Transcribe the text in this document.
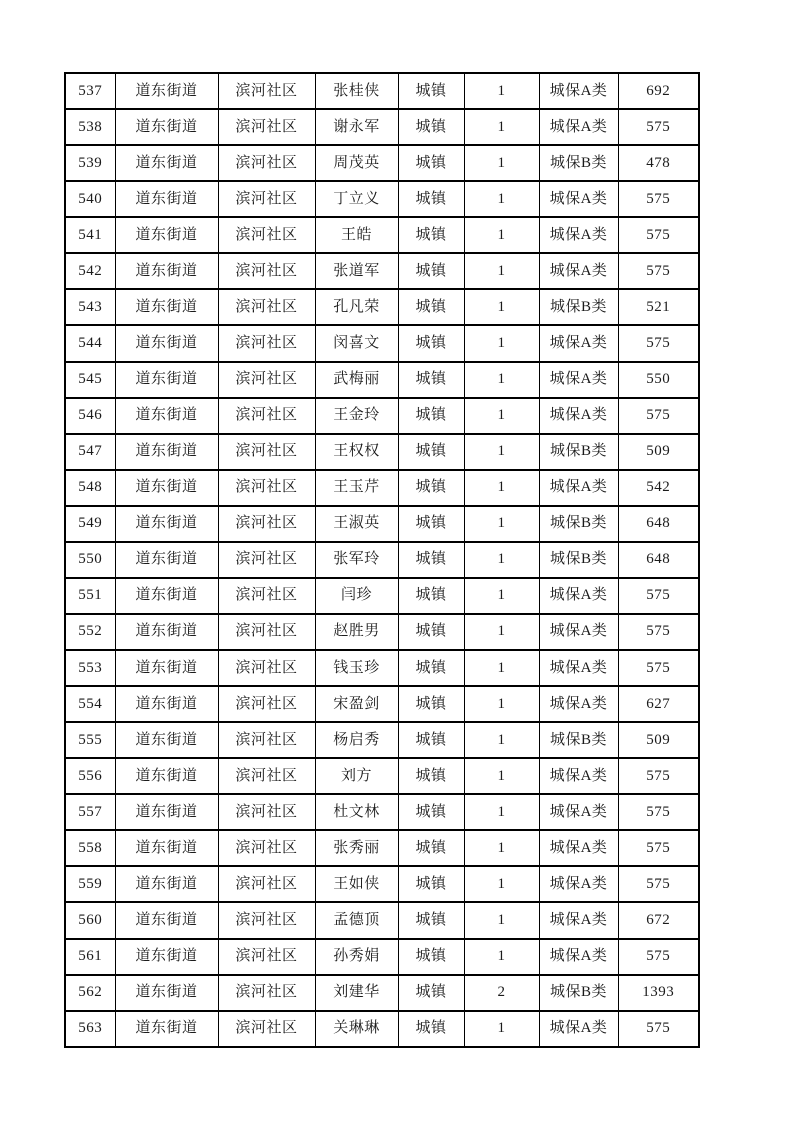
537	道东街道	滨河社区	张桂侠	城镇	1	城保A类	692
538	道东街道	滨河社区	谢永军	城镇	1	城保A类	575
539	道东街道	滨河社区	周茂英	城镇	1	城保B类	478
540	道东街道	滨河社区	丁立义	城镇	1	城保A类	575
541	道东街道	滨河社区	王皓	城镇	1	城保A类	575
542	道东街道	滨河社区	张道军	城镇	1	城保A类	575
543	道东街道	滨河社区	孔凡荣	城镇	1	城保B类	521
544	道东街道	滨河社区	闵喜文	城镇	1	城保A类	575
545	道东街道	滨河社区	武梅丽	城镇	1	城保A类	550
546	道东街道	滨河社区	王金玲	城镇	1	城保A类	575
547	道东街道	滨河社区	王权权	城镇	1	城保B类	509
548	道东街道	滨河社区	王玉芹	城镇	1	城保A类	542
549	道东街道	滨河社区	王淑英	城镇	1	城保B类	648
550	道东街道	滨河社区	张军玲	城镇	1	城保B类	648
551	道东街道	滨河社区	闫珍	城镇	1	城保A类	575
552	道东街道	滨河社区	赵胜男	城镇	1	城保A类	575
553	道东街道	滨河社区	钱玉珍	城镇	1	城保A类	575
554	道东街道	滨河社区	宋盈剑	城镇	1	城保A类	627
555	道东街道	滨河社区	杨启秀	城镇	1	城保B类	509
556	道东街道	滨河社区	刘方	城镇	1	城保A类	575
557	道东街道	滨河社区	杜文林	城镇	1	城保A类	575
558	道东街道	滨河社区	张秀丽	城镇	1	城保A类	575
559	道东街道	滨河社区	王如侠	城镇	1	城保A类	575
560	道东街道	滨河社区	孟德顶	城镇	1	城保A类	672
561	道东街道	滨河社区	孙秀娟	城镇	1	城保A类	575
562	道东街道	滨河社区	刘建华	城镇	2	城保B类	1393
563	道东街道	滨河社区	关琳琳	城镇	1	城保A类	575
